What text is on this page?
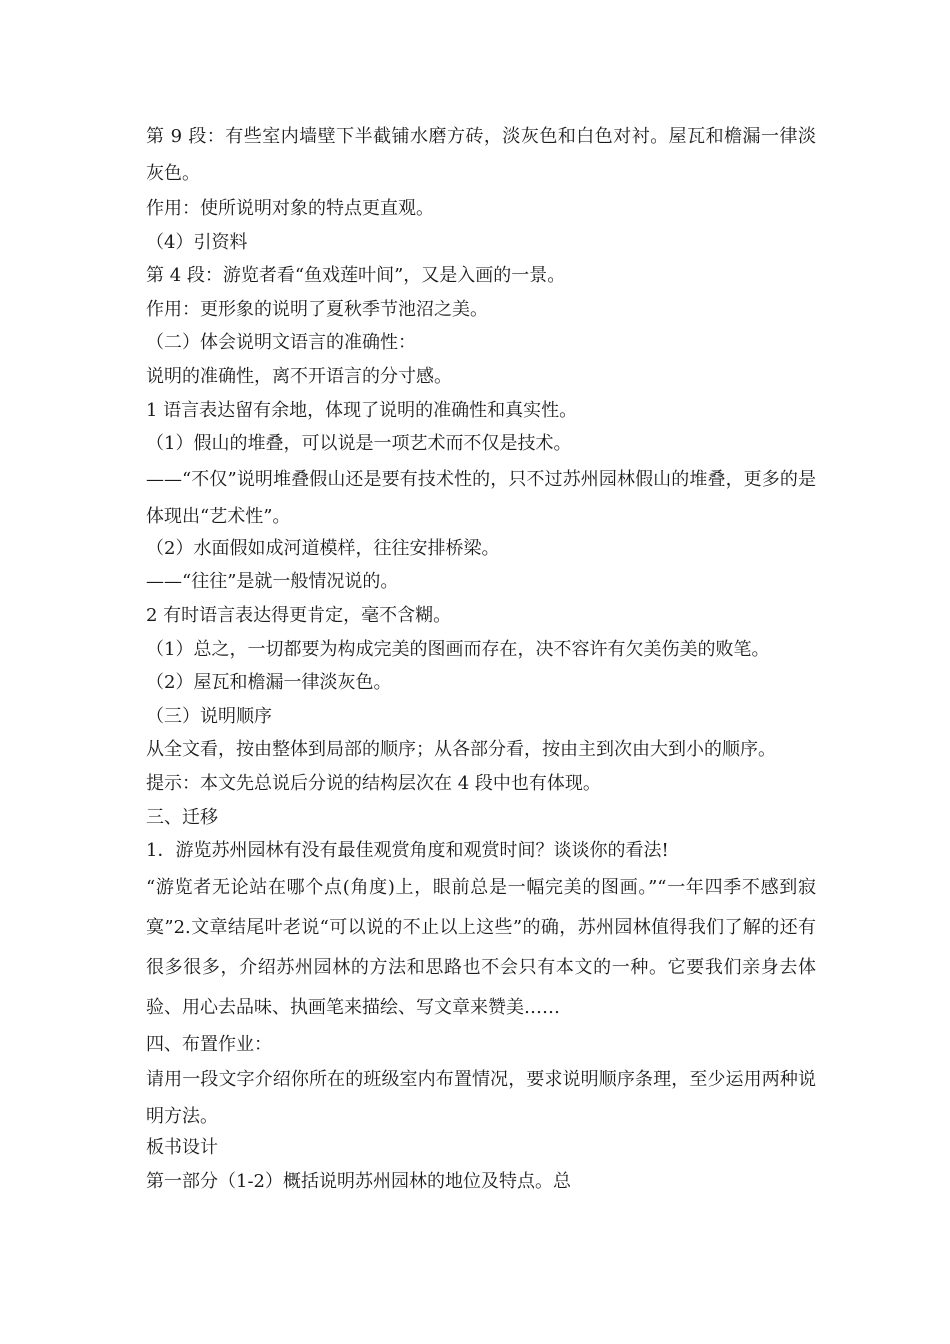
第 9 段：有些室内墙壁下半截铺水磨方砖，淡灰色和白色对衬。屋瓦和檐漏一律淡灰色。
作用：使所说明对象的特点更直观。
（4）引资料
第 4 段：游览者看“鱼戏莲叶间”，又是入画的一景。
作用：更形象的说明了夏秋季节池沼之美。
（二）体会说明文语言的准确性：
说明的准确性，离不开语言的分寸感。
1 语言表达留有余地，体现了说明的准确性和真实性。
（1）假山的堆叠，可以说是一项艺术而不仅是技术。
——“不仅”说明堆叠假山还是要有技术性的，只不过苏州园林假山的堆叠，更多的是体现出“艺术性”。
（2）水面假如成河道模样，往往安排桥梁。
——“往往”是就一般情况说的。
2 有时语言表达得更肯定，毫不含糊。
（1）总之，一切都要为构成完美的图画而存在，决不容许有欠美伤美的败笔。
（2）屋瓦和檐漏一律淡灰色。
（三）说明顺序
从全文看，按由整体到局部的顺序；从各部分看，按由主到次由大到小的顺序。
提示：本文先总说后分说的结构层次在 4 段中也有体现。
三、迁移
1．游览苏州园林有没有最佳观赏角度和观赏时间？谈谈你的看法!
“游览者无论站在哪个点(角度)上，眼前总是一幅完美的图画。”“一年四季不感到寂寞”2.文章结尾叶老说“可以说的不止以上这些”的确，苏州园林值得我们了解的还有很多很多，介绍苏州园林的方法和思路也不会只有本文的一种。它要我们亲身去体验、用心去品味、执画笔来描绘、写文章来赞美……
四、布置作业：
请用一段文字介绍你所在的班级室内布置情况，要求说明顺序条理，至少运用两种说明方法。
板书设计
第一部分（1-2）概括说明苏州园林的地位及特点。总
